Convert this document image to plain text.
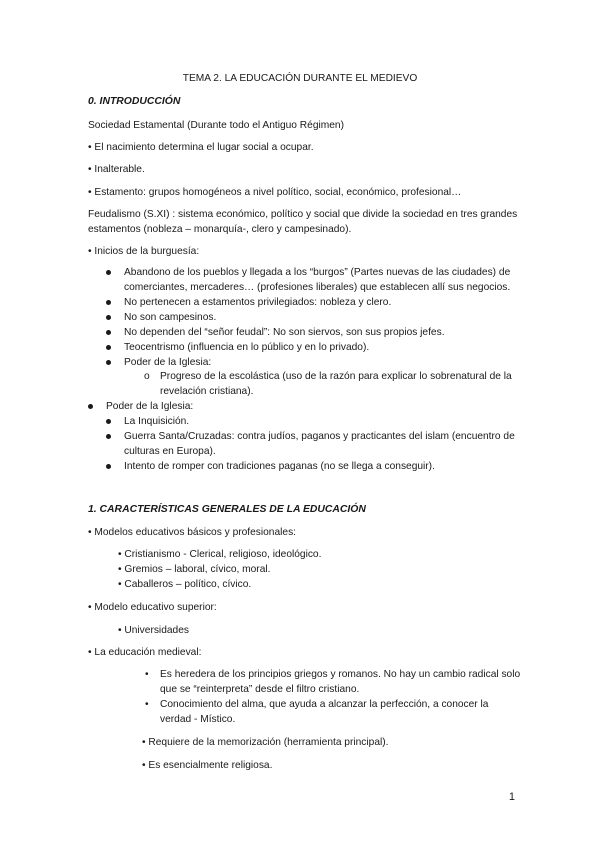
TEMA 2. LA EDUCACIÓN DURANTE EL MEDIEVO
0. INTRODUCCIÓN
Sociedad Estamental (Durante todo el Antiguo Régimen)
• El nacimiento determina el lugar social a ocupar.
• Inalterable.
• Estamento: grupos homogéneos a nivel político, social, económico, profesional…
Feudalismo (S.XI) : sistema económico, político y social que divide la sociedad en tres grandes
estamentos (nobleza – monarquía-, clero y campesinado).
• Inicios de la burguesía:
Abandono de los pueblos y llegada a los “burgos” (Partes nuevas de las ciudades) de
comerciantes, mercaderes… (profesiones liberales) que establecen allí sus negocios.
No pertenecen a estamentos privilegiados: nobleza y clero.
No son campesinos.
No dependen del “señor feudal”: No son siervos, son sus propios jefes.
Teocentrismo (influencia en lo público y en lo privado).
Poder de la Iglesia:
o Progreso de la escolástica (uso de la razón para explicar lo sobrenatural de la
revelación cristiana).
Poder de la Iglesia:
La Inquisición.
Guerra Santa/Cruzadas: contra judíos, paganos y practicantes del islam (encuentro de
culturas en Europa).
Intento de romper con tradiciones paganas (no se llega a conseguir).
1. CARACTERÍSTICAS GENERALES DE LA EDUCACIÓN
• Modelos educativos básicos y profesionales:
• Cristianismo - Clerical, religioso, ideológico.
• Gremios – laboral, cívico, moral.
• Caballeros – político, cívico.
• Modelo educativo superior:
• Universidades
• La educación medieval:
• Es heredera de los principios griegos y romanos. No hay un cambio radical solo
que se “reinterpreta” desde el filtro cristiano.
• Conocimiento del alma, que ayuda a alcanzar la perfección, a conocer la
verdad - Místico.
• Requiere de la memorización (herramienta principal).
• Es esencialmente religiosa.
1
